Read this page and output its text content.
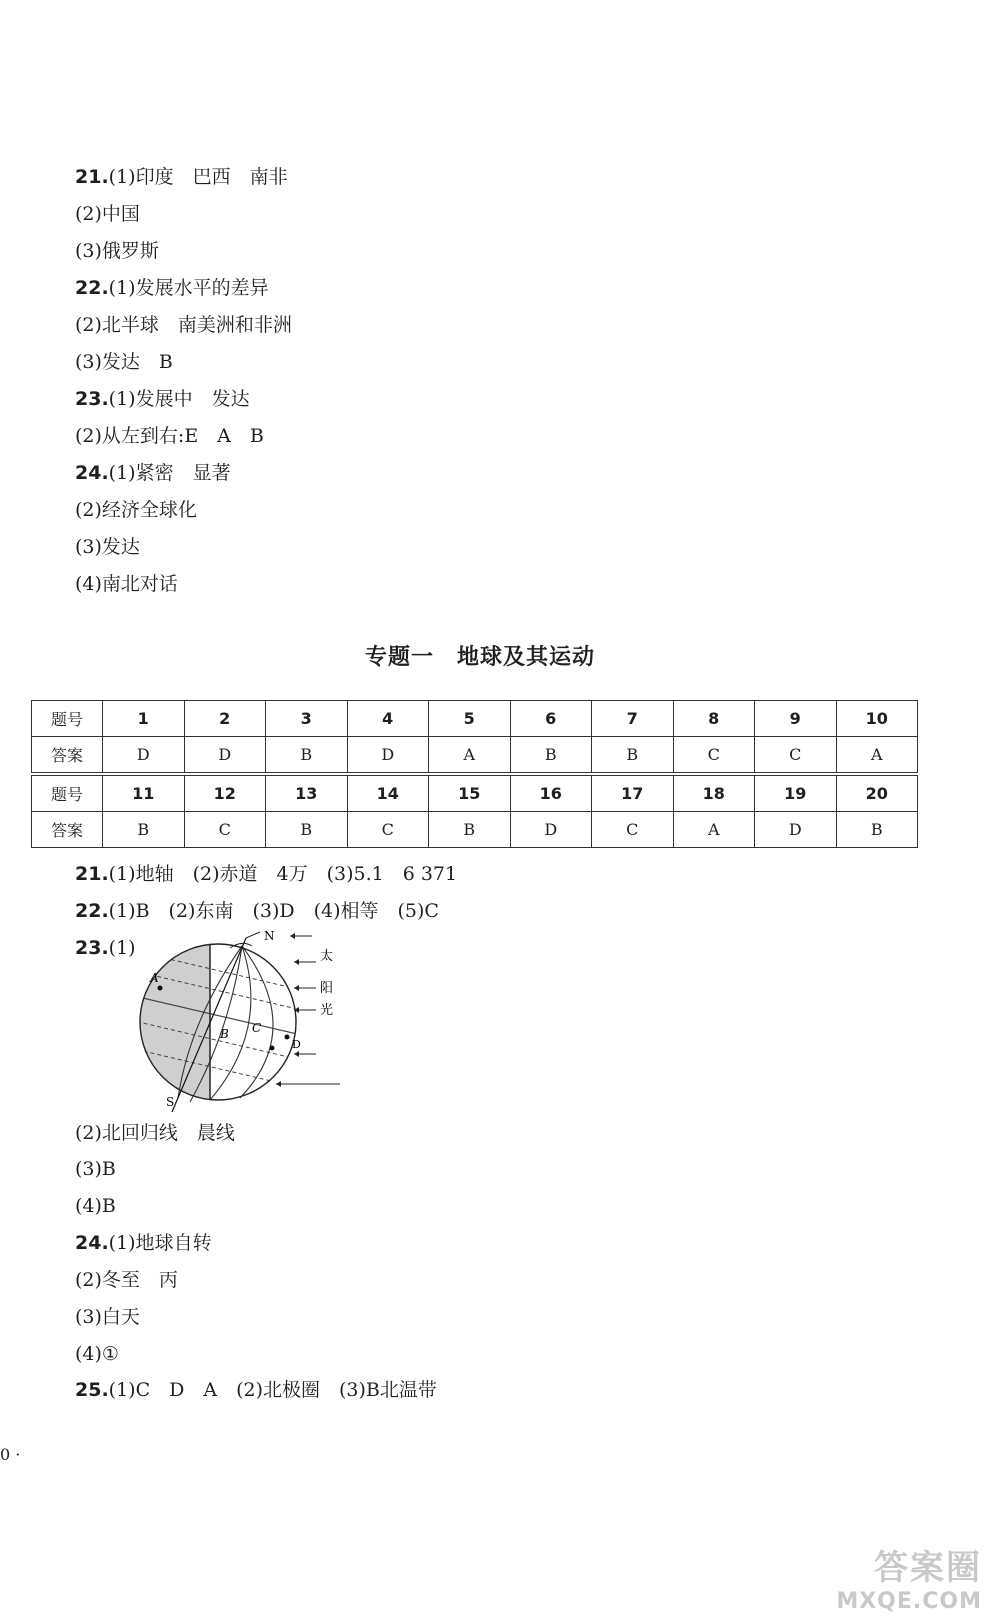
21.(1)印度　巴西　南非
(2)中国
(3)俄罗斯
22.(1)发展水平的差异
(2)北半球　南美洲和非洲
(3)发达　B
23.(1)发展中　发达
(2)从左到右:E　A　B
24.(1)紧密　显著
(2)经济全球化
(3)发达
(4)南北对话
专题一　地球及其运动
题号	1	2	3	4	5	6	7	8	9	10
答案	D	D	B	D	A	B	B	C	C	A
题号	11	12	13	14	15	16	17	18	19	20
答案	B	C	B	C	B	D	C	A	D	B
21.(1)地轴　(2)赤道　4万　(3)5.1　6 371
22.(1)B　(2)东南　(3)D　(4)相等　(5)C
23.(1)
N
S
A
B C
D
太
阳
光
(2)北回归线　晨线
(3)B
(4)B
24.(1)地球自转
(2)冬至　丙
(3)白天
(4)①
25.(1)C　D　A　(2)北极圈　(3)B北温带
0 ·
答案圈
MXQE.COM
